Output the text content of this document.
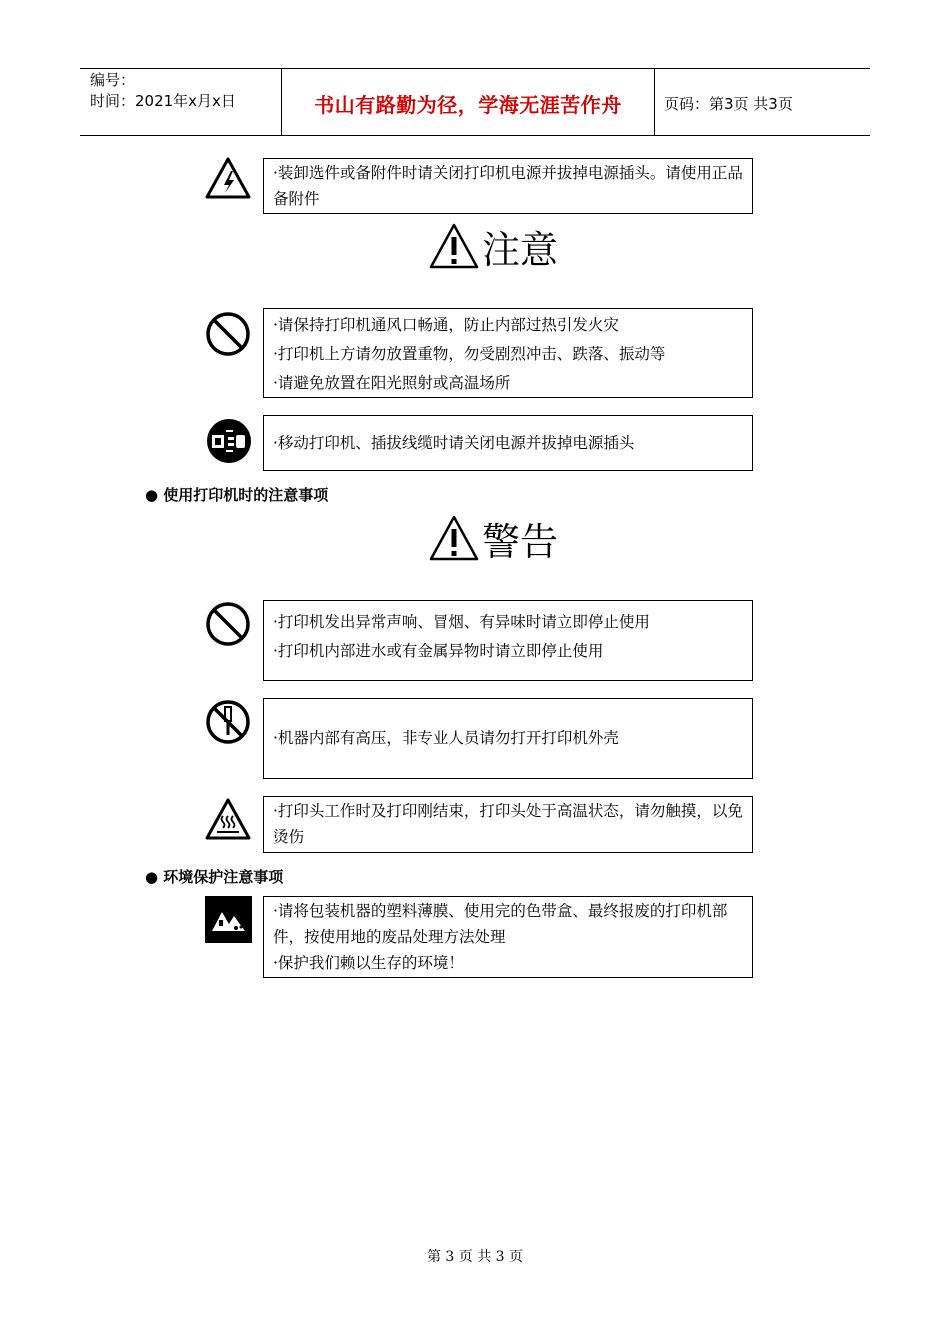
编号：
时间：2021年x月x日	书山有路勤为径，学海无涯苦作舟	页码：第3页 共3页
·装卸选件或备附件时请关闭打印机电源并拔掉电源插头。请使用正品备附件
注意
·请保持打印机通风口畅通，防止内部过热引发火灾
·打印机上方请勿放置重物，勿受剧烈冲击、跌落、振动等
·请避免放置在阳光照射或高温场所
·移动打印机、插拔线缆时请关闭电源并拔掉电源插头
● 使用打印机时的注意事项
警告
·打印机发出异常声响、冒烟、有异味时请立即停止使用
·打印机内部进水或有金属异物时请立即停止使用
·机器内部有高压，非专业人员请勿打开打印机外壳
·打印头工作时及打印刚结束，打印头处于高温状态，请勿触摸，以免烫伤
● 环境保护注意事项
·请将包装机器的塑料薄膜、使用完的色带盒、最终报废的打印机部件，按使用地的废品处理方法处理
·保护我们赖以生存的环境！
第 3 页 共 3 页
